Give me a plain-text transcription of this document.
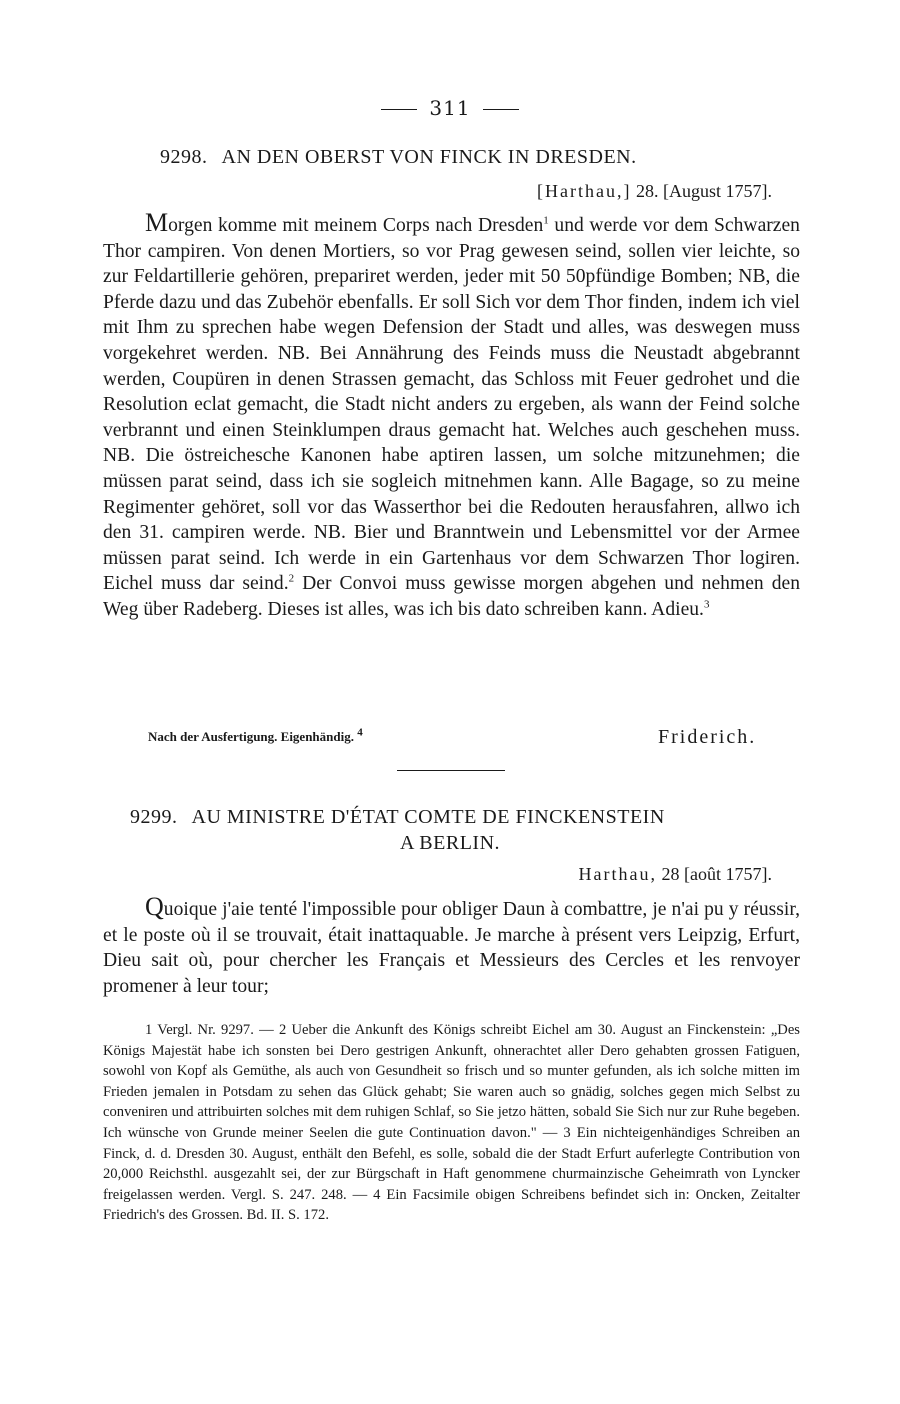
311
9298. AN DEN OBERST VON FINCK IN DRESDEN.
[Harthau,] 28. [August 1757].

Morgen komme mit meinem Corps nach Dresden$^1$ und werde vor dem Schwarzen Thor campiren. Von denen Mortiers, so vor Prag gewesen seind, sollen vier leichte, so zur Feldartillerie gehören, prepariret werden, jeder mit 50 50pfündige Bomben; NB, die Pferde dazu und das Zubehör ebenfalls. Er soll Sich vor dem Thor finden, indem ich viel mit Ihm zu sprechen habe wegen Defension der Stadt und alles, was deswegen muss vorgekehret werden. NB. Bei Annährung des Feinds muss die Neustadt abgebrannt werden, Coupüren in denen Strassen gemacht, das Schloss mit Feuer gedrohet und die Resolution eclat gemacht, die Stadt nicht anders zu ergeben, als wann der Feind solche verbrannt und einen Steinklumpen draus gemacht hat. Welches auch geschehen muss. NB. Die östreichesche Kanonen habe aptiren lassen, um solche mitzunehmen; die müssen parat seind, dass ich sie sogleich mitnehmen kann. Alle Bagage, so zu meine Regimenter gehöret, soll vor das Wasserthor bei die Redouten herausfahren, allwo ich den 31. campiren werde. NB. Bier und Branntwein und Lebensmittel vor der Armee müssen parat seind. Ich werde in ein Gartenhaus vor dem Schwarzen Thor logiren. Eichel muss dar seind.$^2$ Der Convoi muss gewisse morgen abgehen und nehmen den Weg über Radeberg. Dieses ist alles, was ich bis dato schreiben kann. Adieu.$^3$

Nach der Ausfertigung. Eigenhändig. $^4$	Friderich.
9299. AU MINISTRE D'ÉTAT COMTE DE FINCKENSTEIN
A BERLIN.
Harthau, 28 [août 1757].

Quoique j'aie tenté l'impossible pour obliger Daun à combattre, je n'ai pu y réussir, et le poste où il se trouvait, était inattaquable. Je marche à présent vers Leipzig, Erfurt, Dieu sait où, pour chercher les Français et Messieurs des Cercles et les renvoyer promener à leur tour;

1 Vergl. Nr. 9297. — 2 Ueber die Ankunft des Königs schreibt Eichel am 30. August an Finckenstein: „Des Königs Majestät habe ich sonsten bei Dero gestrigen Ankunft, ohnerachtet aller Dero gehabten grossen Fatiguen, sowohl von Kopf als Gemüthe, als auch von Gesundheit so frisch und so munter gefunden, als ich solche mitten im Frieden jemalen in Potsdam zu sehen das Glück gehabt; Sie waren auch so gnädig, solches gegen mich Selbst zu conveniren und attribuirten solches mit dem ruhigen Schlaf, so Sie jetzo hätten, sobald Sie Sich nur zur Ruhe begeben. Ich wünsche von Grunde meiner Seelen die gute Continuation davon." — 3 Ein nichteigenhändiges Schreiben an Finck, d. d. Dresden 30. August, enthält den Befehl, es solle, sobald die der Stadt Erfurt auferlegte Contribution von 20,000 Reichsthl. ausgezahlt sei, der zur Bürgschaft in Haft genommene churmainzische Geheimrath von Lyncker freigelassen werden. Vergl. S. 247. 248. — 4 Ein Facsimile obigen Schreibens befindet sich in: Oncken, Zeitalter Friedrich's des Grossen. Bd. II. S. 172.
